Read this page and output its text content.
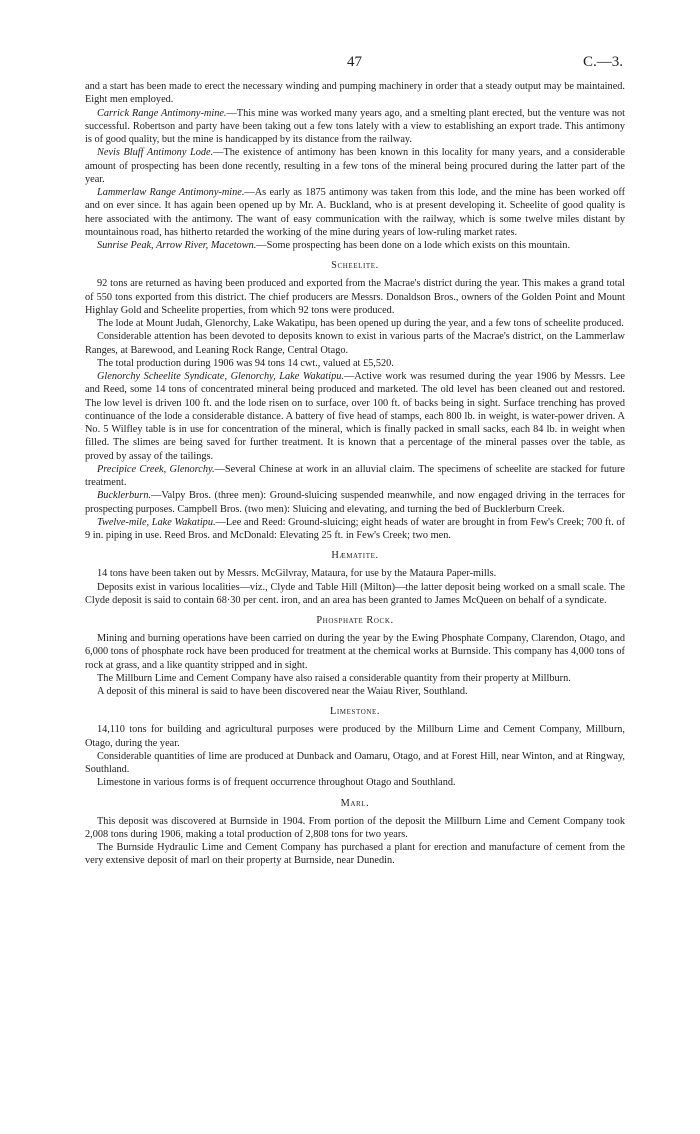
47	C.—3.

and a start has been made to erect the necessary winding and pumping machinery in order that a steady output may be maintained. Eight men employed.

Carrick Range Antimony-mine.—This mine was worked many years ago, and a smelting plant erected, but the venture was not successful. Robertson and party have been taking out a few tons lately with a view to establishing an export trade. This antimony is of good quality, but the mine is handicapped by its distance from the railway.

Nevis Bluff Antimony Lode.—The existence of antimony has been known in this locality for many years, and a considerable amount of prospecting has been done recently, resulting in a few tons of the mineral being procured during the latter part of the year.

Lammerlaw Range Antimony-mine.—As early as 1875 antimony was taken from this lode, and the mine has been worked off and on ever since. It has again been opened up by Mr. A. Buckland, who is at present developing it. Scheelite of good quality is here associated with the antimony. The want of easy communication with the railway, which is some twelve miles distant by mountainous road, has hitherto retarded the working of the mine during years of low-ruling market rates.

Sunrise Peak, Arrow River, Macetown.—Some prospecting has been done on a lode which exists on this mountain.

Scheelite.

92 tons are returned as having been produced and exported from the Macrae's district during the year. This makes a grand total of 550 tons exported from this district. The chief producers are Messrs. Donaldson Bros., owners of the Golden Point and Mount Highlay Gold and Scheelite properties, from which 92 tons were produced.

The lode at Mount Judah, Glenorchy, Lake Wakatipu, has been opened up during the year, and a few tons of scheelite produced.

Considerable attention has been devoted to deposits known to exist in various parts of the Macrae's district, on the Lammerlaw Ranges, at Barewood, and Leaning Rock Range, Central Otago.

The total production during 1906 was 94 tons 14 cwt., valued at £5,520.

Glenorchy Scheelite Syndicate, Glenorchy, Lake Wakatipu.—Active work was resumed during the year 1906 by Messrs. Lee and Reed, some 14 tons of concentrated mineral being produced and marketed. The old level has been cleaned out and restored. The low level is driven 100 ft. and the lode risen on to surface, over 100 ft. of backs being in sight. Surface trenching has proved continuance of the lode a considerable distance. A battery of five head of stamps, each 800 lb. in weight, is water-power driven. A No. 5 Wilfley table is in use for concentration of the mineral, which is finally packed in small sacks, each 84 lb. in weight when filled. The slimes are being saved for further treatment. It is known that a percentage of the mineral passes over the table, as proved by assay of the tailings.

Precipice Creek, Glenorchy.—Several Chinese at work in an alluvial claim. The specimens of scheelite are stacked for future treatment.

Bucklerburn.—Valpy Bros. (three men): Ground-sluicing suspended meanwhile, and now engaged driving in the terraces for prospecting purposes. Campbell Bros. (two men): Sluicing and elevating, and turning the bed of Bucklerburn Creek.

Twelve-mile, Lake Wakatipu.—Lee and Reed: Ground-sluicing; eight heads of water are brought in from Few's Creek; 700 ft. of 9 in. piping in use. Reed Bros. and McDonald: Elevating 25 ft. in Few's Creek; two men.

Hæmatite.

14 tons have been taken out by Messrs. McGilvray, Mataura, for use by the Mataura Paper-mills.

Deposits exist in various localities—viz., Clyde and Table Hill (Milton)—the latter deposit being worked on a small scale. The Clyde deposit is said to contain 68·30 per cent. iron, and an area has been granted to James McQueen on behalf of a syndicate.

Phosphate Rock.

Mining and burning operations have been carried on during the year by the Ewing Phosphate Company, Clarendon, Otago, and 6,000 tons of phosphate rock have been produced for treatment at the chemical works at Burnside. This company has 4,000 tons of rock at grass, and a like quantity stripped and in sight.

The Millburn Lime and Cement Company have also raised a considerable quantity from their property at Millburn.

A deposit of this mineral is said to have been discovered near the Waiau River, Southland.

Limestone.

14,110 tons for building and agricultural purposes were produced by the Millburn Lime and Cement Company, Millburn, Otago, during the year.

Considerable quantities of lime are produced at Dunback and Oamaru, Otago, and at Forest Hill, near Winton, and at Ringway, Southland.

Limestone in various forms is of frequent occurrence throughout Otago and Southland.

Marl.

This deposit was discovered at Burnside in 1904. From portion of the deposit the Millburn Lime and Cement Company took 2,008 tons during 1906, making a total production of 2,808 tons for two years.

The Burnside Hydraulic Lime and Cement Company has purchased a plant for erection and manufacture of cement from the very extensive deposit of marl on their property at Burnside, near Dunedin.
